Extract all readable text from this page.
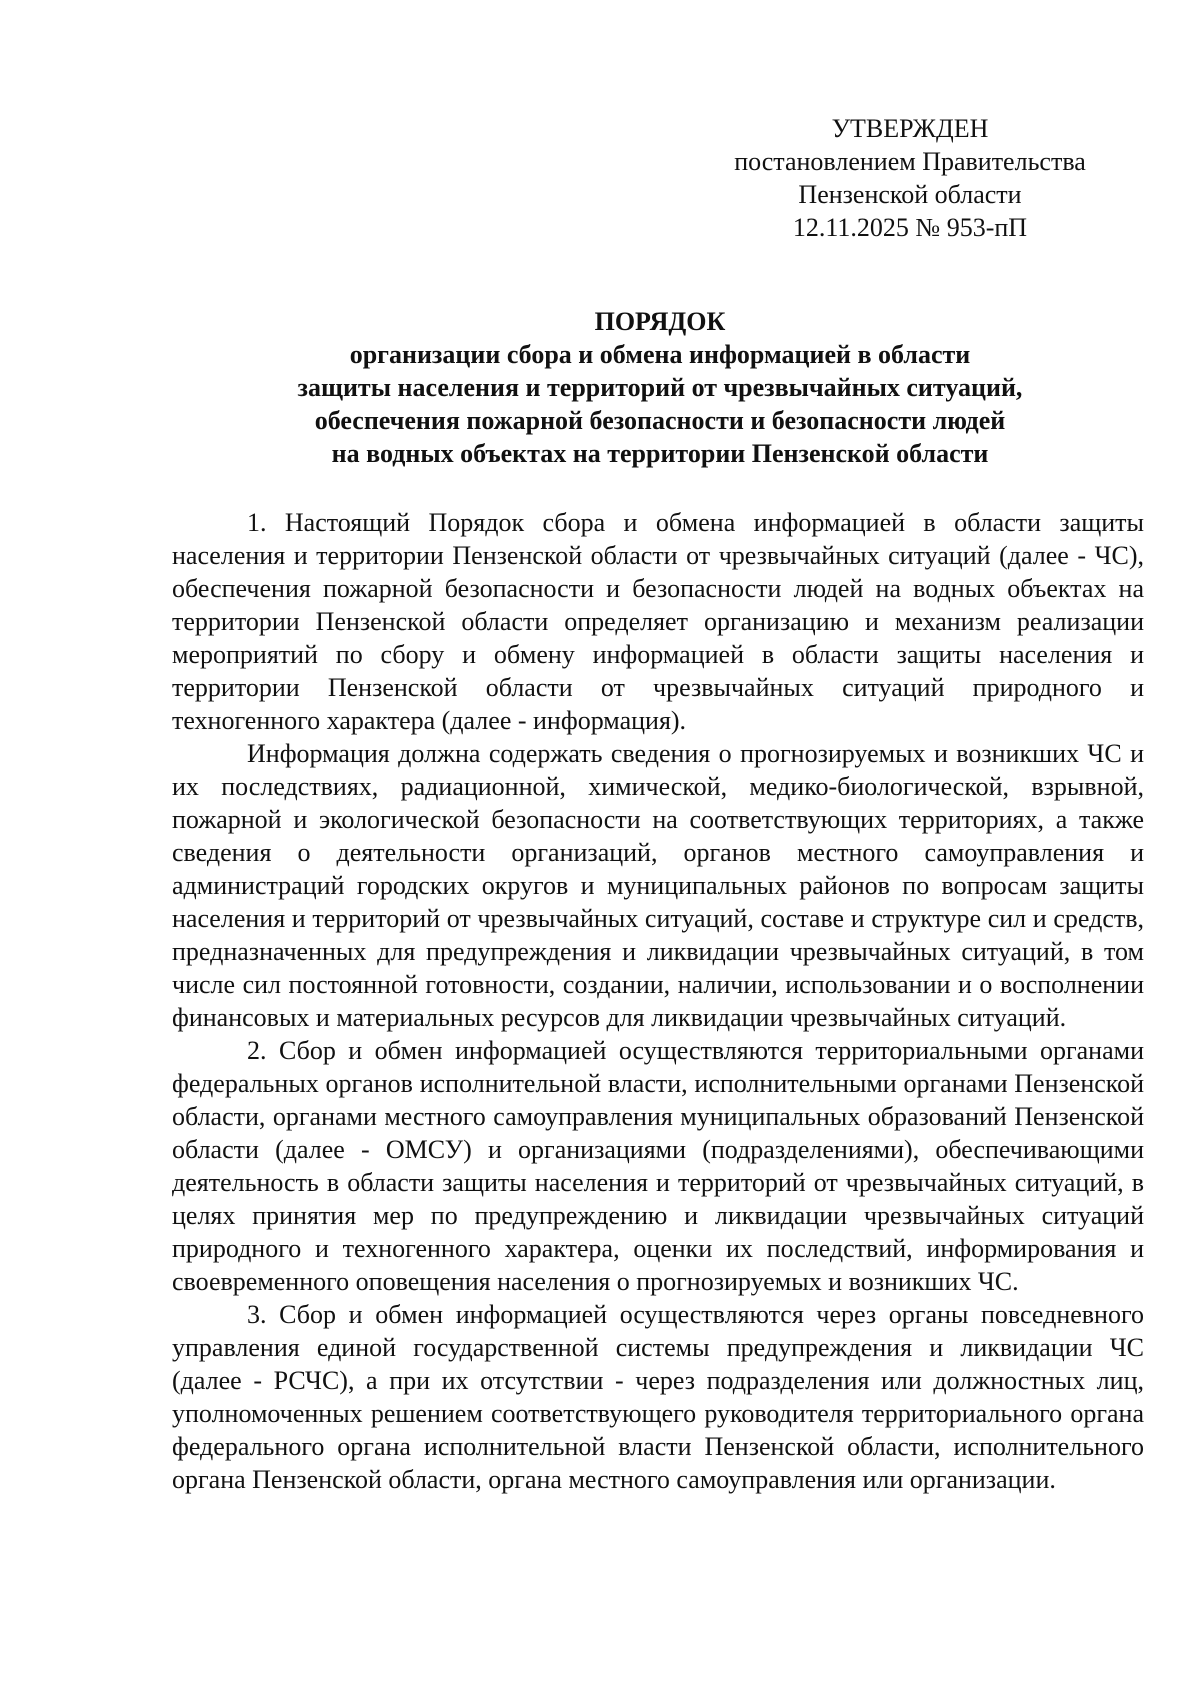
УТВЕРЖДЕН
постановлением Правительства
Пензенской области
12.11.2025 № 953-пП
ПОРЯДОК
организации сбора и обмена информацией в области
защиты населения и территорий от чрезвычайных ситуаций,
обеспечения пожарной безопасности и безопасности людей
на водных объектах на территории Пензенской области

1. Настоящий Порядок сбора и обмена информацией в области защиты населения и территории Пензенской области от чрезвычайных ситуаций (далее - ЧС), обеспечения пожарной безопасности и безопасности людей на водных объектах на территории Пензенской области определяет организацию и механизм реализации мероприятий по сбору и обмену информацией в области защиты населения и территории Пензенской области от чрезвычайных ситуаций природного и техногенного характера (далее - информация).

Информация должна содержать сведения о прогнозируемых и возникших ЧС и их последствиях, радиационной, химической, медико-биологической, взрывной, пожарной и экологической безопасности на соответствующих территориях, а также сведения о деятельности организаций, органов местного самоуправления и администраций городских округов и муниципальных районов по вопросам защиты населения и территорий от чрезвычайных ситуаций, составе и структуре сил и средств, предназначенных для предупреждения и ликвидации чрезвычайных ситуаций, в том числе сил постоянной готовности, создании, наличии, использовании и о восполнении финансовых и материальных ресурсов для ликвидации чрезвычайных ситуаций.

2. Сбор и обмен информацией осуществляются территориальными органами федеральных органов исполнительной власти, исполнительными органами Пензенской области, органами местного самоуправления муниципальных образований Пензенской области (далее - ОМСУ) и организациями (подразделениями), обеспечивающими деятельность в области защиты населения и территорий от чрезвычайных ситуаций, в целях принятия мер по предупреждению и ликвидации чрезвычайных ситуаций природного и техногенного характера, оценки их последствий, информирования и своевременного оповещения населения о прогнозируемых и возникших ЧС.

3. Сбор и обмен информацией осуществляются через органы повседневного управления единой государственной системы предупреждения и ликвидации ЧС (далее - РСЧС), а при их отсутствии - через подразделения или должностных лиц, уполномоченных решением соответствующего руководителя территориального органа федерального органа исполнительной власти Пензенской области, исполнительного органа Пензенской области, органа местного самоуправления или организации.
